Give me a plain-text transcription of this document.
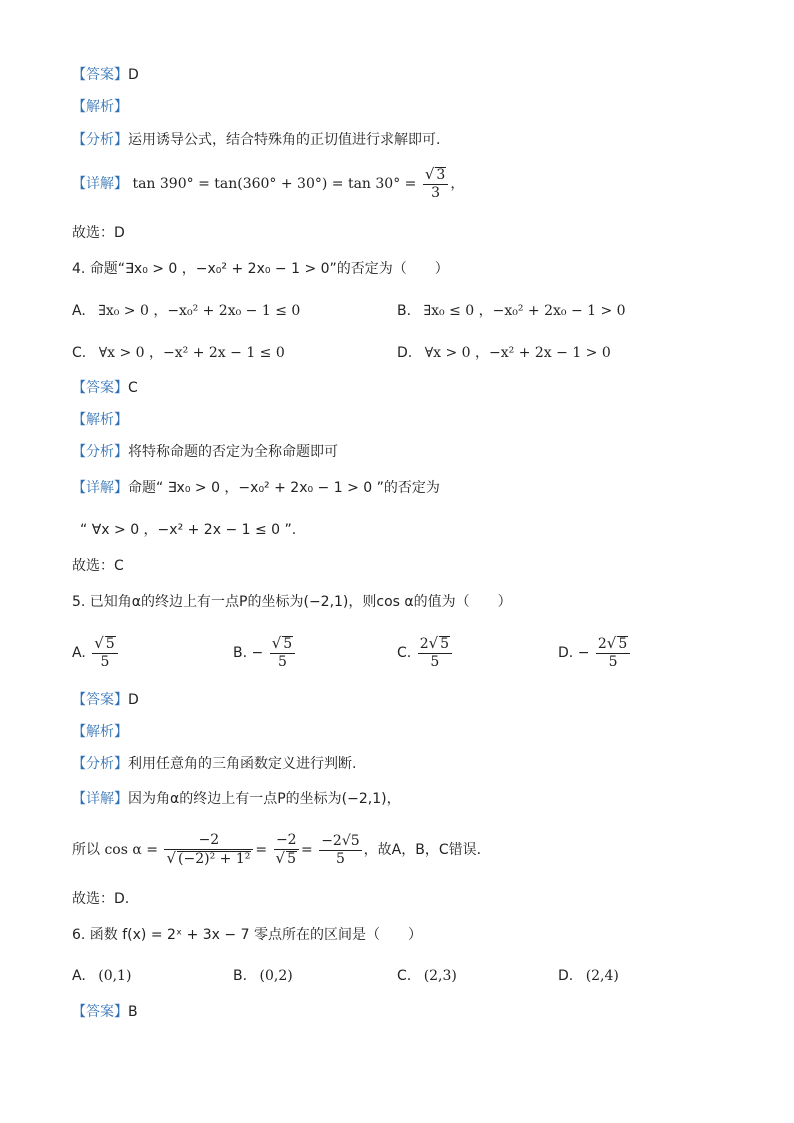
【答案】D
【解析】
【分析】运用诱导公式，结合特殊角的正切值进行求解即可.
【详解】 $\tan 390^\circ = \tan(360^\circ + 30^\circ) = \tan 30^\circ = \frac{√ 3}{3}$ ，
故选：D
4. 命题“∃x₀ > 0 ，−x₀² + 2x₀ − 1 > 0”的否定为（　　）
A. ∃x₀ > 0 ，−x₀² + 2x₀ − 1 ≤ 0	B. ∃x₀ ≤ 0 ，−x₀² + 2x₀ − 1 > 0
C. ∀x > 0 ，−x² + 2x − 1 ≤ 0	D. ∀x > 0 ，−x² + 2x − 1 > 0
【答案】C
【解析】
【分析】将特称命题的否定为全称命题即可
【详解】命题“ ∃x₀ > 0 ，−x₀² + 2x₀ − 1 > 0 ”的否定为
“ ∀x > 0 ，−x² + 2x − 1 ≤ 0 ”.
故选：C
5. 已知角α的终边上有一点P的坐标为(−2,1)，则cos α的值为（　　）
A. $\frac{√ 5}{5}$	B. − $\frac{√ 5}{5}$	C. $\frac{2√ 5}{5}$	D. − $\frac{2√ 5}{5}$
【答案】D
【解析】
【分析】利用任意角的三角函数定义进行判断.
【详解】因为角α的终边上有一点P的坐标为(−2,1)，
所以 $\cos \alpha = \frac{-2}{\text{√ (−2)² + 1²}} = \frac{-2}{√ 5} = \frac{-2√5}{5}$ ，故A，B，C错误.
故选：D.
6. 函数 f(x) = 2ˣ + 3x − 7 零点所在的区间是（　　）
A. (0,1)	B. (0,2)	C. (2,3)	D. (2,4)
【答案】B
